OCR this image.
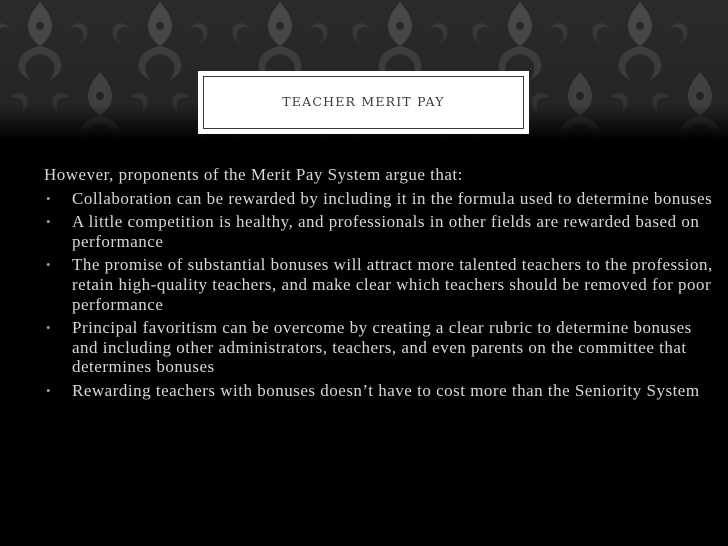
TEACHER MERIT PAY

However, proponents of the Merit Pay System argue that:

• Collaboration can be rewarded by including it in the formula used to determine bonuses
• A little competition is healthy, and professionals in other fields are rewarded based on performance
• The promise of substantial bonuses will attract more talented teachers to the profession, retain high-quality teachers, and make clear which teachers should be removed for poor performance
• Principal favoritism can be overcome by creating a clear rubric to determine bonuses and including other administrators, teachers, and even parents on the committee that determines bonuses
• Rewarding teachers with bonuses doesn’t have to cost more than the Seniority System
